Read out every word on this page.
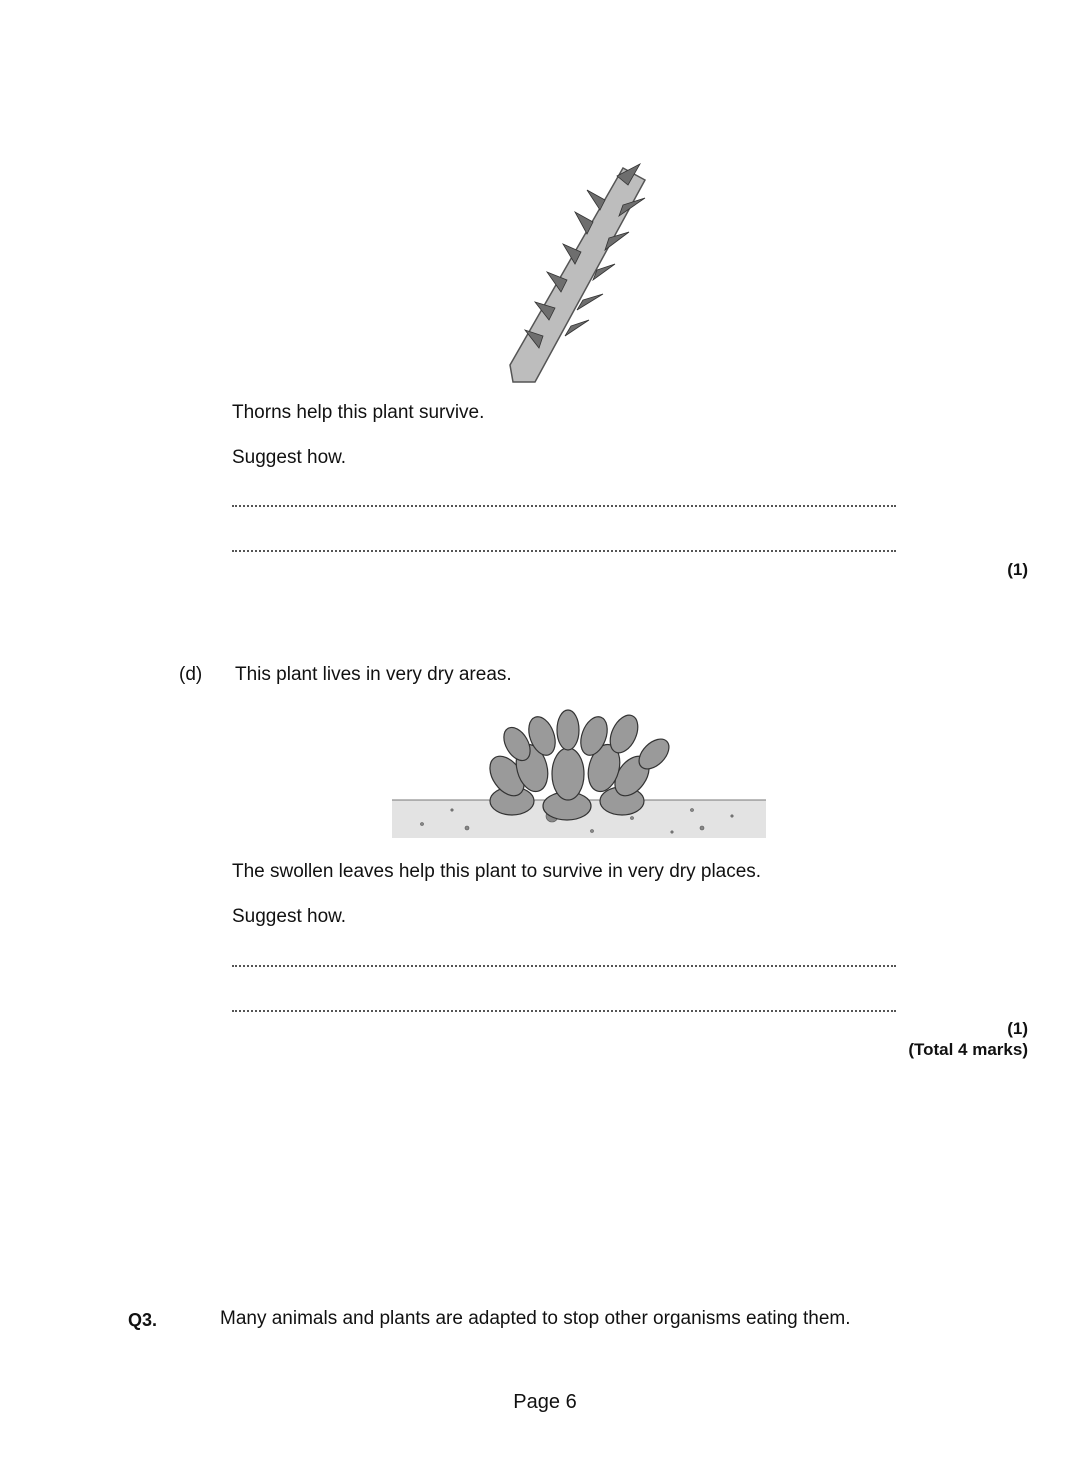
Thorns help this plant survive.
Suggest how.
(1)
(d) This plant lives in very dry areas.
The swollen leaves help this plant to survive in very dry places.
Suggest how.
(1)
(Total 4 marks)
Q3.	Many animals and plants are adapted to stop other organisms eating them.
Page 6
